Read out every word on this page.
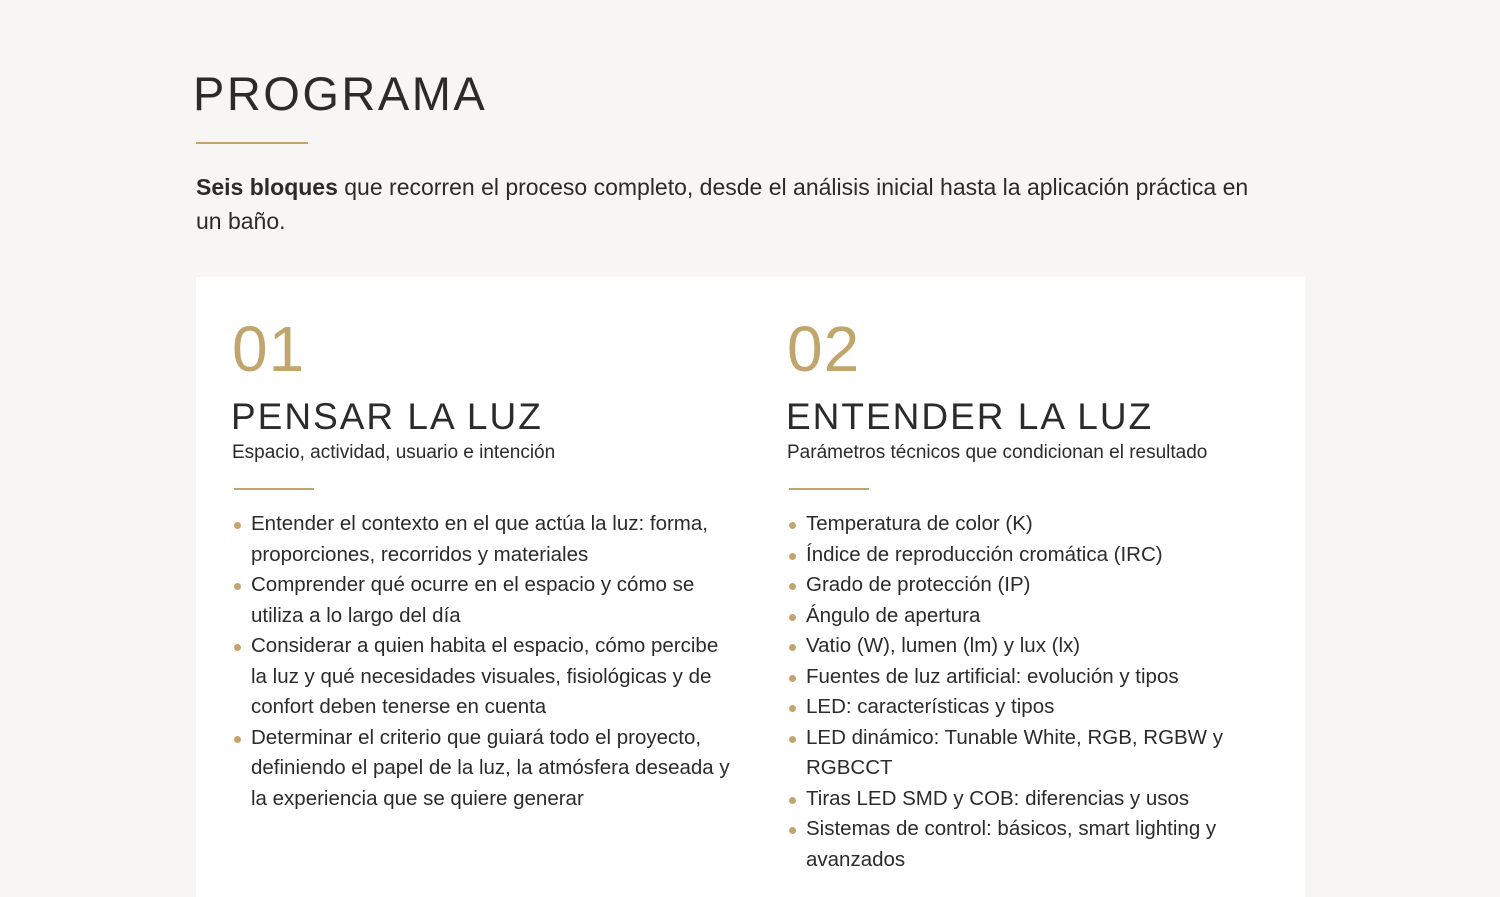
PROGRAMA

Seis bloques que recorren el proceso completo, desde el análisis inicial hasta la aplicación práctica en un baño.

01
PENSAR LA LUZ

Espacio, actividad, usuario e intención

Entender el contexto en el que actúa la luz: forma, proporciones, recorridos y materiales
Comprender qué ocurre en el espacio y cómo se utiliza a lo largo del día
Considerar a quien habita el espacio, cómo percibe la luz y qué necesidades visuales, fisiológicas y de confort deben tenerse en cuenta
Determinar el criterio que guiará todo el proyecto, definiendo el papel de la luz, la atmósfera deseada y la experiencia que se quiere generar
02
ENTENDER LA LUZ

Parámetros técnicos que condicionan el resultado

Temperatura de color (K)
Índice de reproducción cromática (IRC)
Grado de protección (IP)
Ángulo de apertura
Vatio (W), lumen (lm) y lux (lx)
Fuentes de luz artificial: evolución y tipos
LED: características y tipos
LED dinámico: Tunable White, RGB, RGBW y RGBCCT
Tiras LED SMD y COB: diferencias y usos
Sistemas de control: básicos, smart lighting y avanzados
